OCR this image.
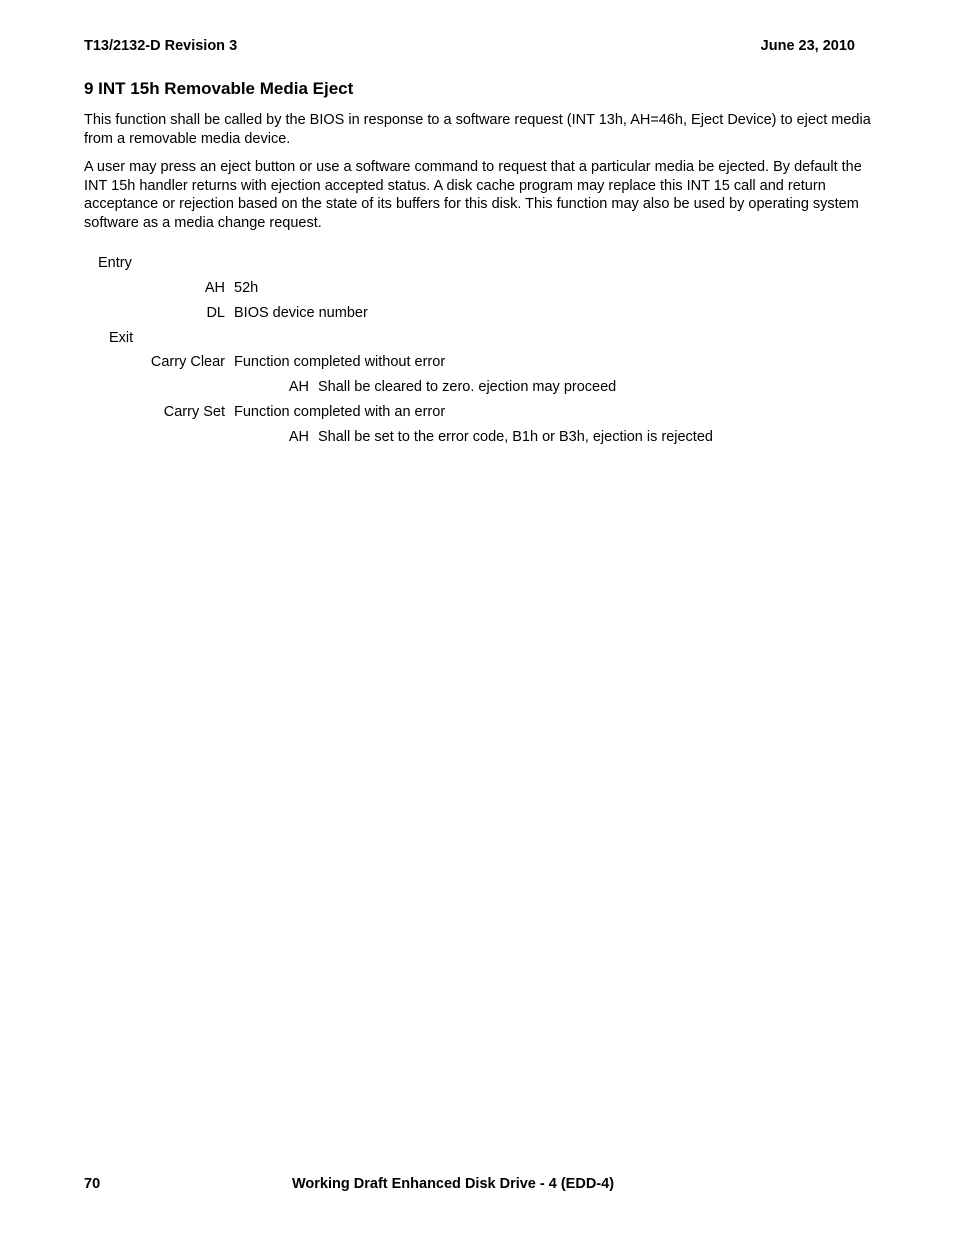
T13/2132-D Revision 3	June 23, 2010
9 INT 15h Removable Media Eject

This function shall be called by the BIOS in response to a software request (INT 13h, AH=46h, Eject Device) to eject media from a removable media device.

A user may press an eject button or use a software command to request that a particular media be ejected. By default the INT 15h handler returns with ejection accepted status. A disk cache program may replace this INT 15 call and return acceptance or rejection based on the state of its buffers for this disk. This function may also be used by operating system software as a media change request.

Entry
AH 52h
DL BIOS device number
Exit
Carry Clear Function completed without error
AH Shall be cleared to zero. ejection may proceed
Carry Set Function completed with an error
AH Shall be set to the error code, B1h or B3h, ejection is rejected
70	Working Draft Enhanced Disk Drive - 4 (EDD-4)
